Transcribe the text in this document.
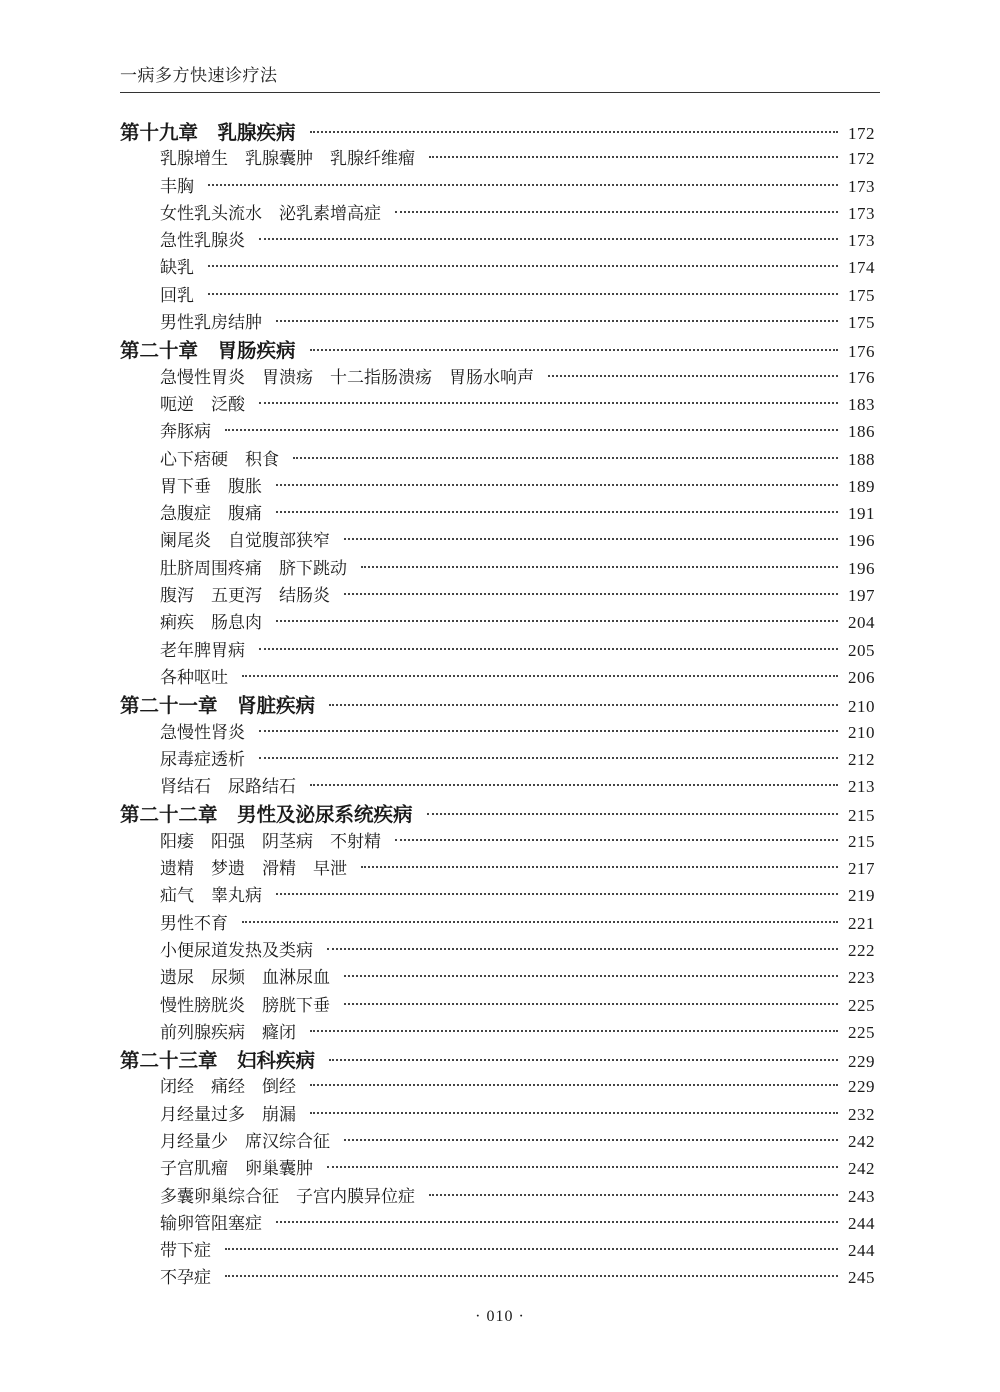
一病多方快速诊疗法
第十九章　乳腺疾病	172
乳腺增生　乳腺囊肿　乳腺纤维瘤	172
丰胸	173
女性乳头流水　泌乳素增高症	173
急性乳腺炎	173
缺乳	174
回乳	175
男性乳房结肿	175
第二十章　胃肠疾病	176
急慢性胃炎　胃溃疡　十二指肠溃疡　胃肠水响声	176
呃逆　泛酸	183
奔豚病	186
心下痞硬　积食	188
胃下垂　腹胀	189
急腹症　腹痛	191
阑尾炎　自觉腹部狭窄	196
肚脐周围疼痛　脐下跳动	196
腹泻　五更泻　结肠炎	197
痢疾　肠息肉	204
老年脾胃病	205
各种呕吐	206
第二十一章　肾脏疾病	210
急慢性肾炎	210
尿毒症透析	212
肾结石　尿路结石	213
第二十二章　男性及泌尿系统疾病	215
阳痿　阳强　阴茎病　不射精	215
遗精　梦遗　滑精　早泄	217
疝气　睾丸病	219
男性不育	221
小便尿道发热及类病	222
遗尿　尿频　血淋尿血	223
慢性膀胱炎　膀胱下垂	225
前列腺疾病　癃闭	225
第二十三章　妇科疾病	229
闭经　痛经　倒经	229
月经量过多　崩漏	232
月经量少　席汉综合征	242
子宫肌瘤　卵巢囊肿	242
多囊卵巢综合征　子宫内膜异位症	243
输卵管阻塞症	244
带下症	244
不孕症	245
· 010 ·
